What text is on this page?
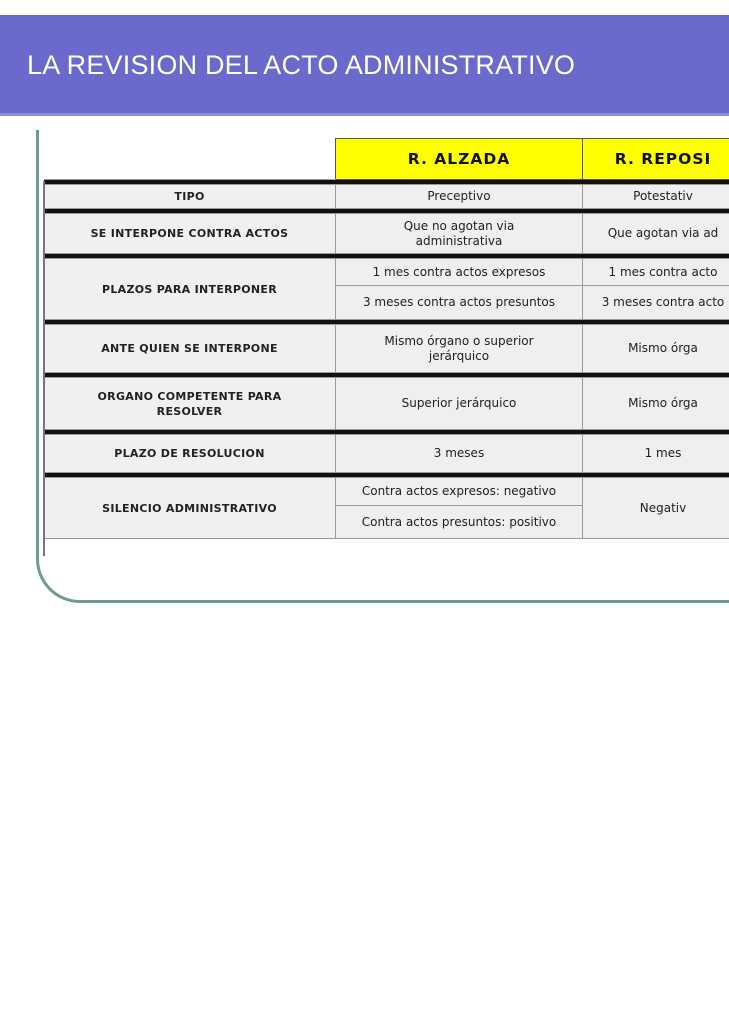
LA REVISION DEL ACTO ADMINISTRATIVO
	R. ALZADA	R. REPOSI

TIPO	Preceptivo	Potestativ

SE INTERPONE CONTRA ACTOS	Que no agotan via administrativa	Que agotan via ad

PLAZOS PARA INTERPONER	1 mes contra actos expresos	1 mes contra acto
	3 meses contra actos presuntos	3 meses contra acto

ANTE QUIEN SE INTERPONE	Mismo órgano o superior jerárquico	Mismo órga

ORGANO COMPETENTE PARA RESOLVER	Superior jerárquico	Mismo órga

PLAZO DE RESOLUCION	3 meses	1 mes

SILENCIO ADMINISTRATIVO	Contra actos expresos: negativo	Negativ
	Contra actos presuntos: positivo	
